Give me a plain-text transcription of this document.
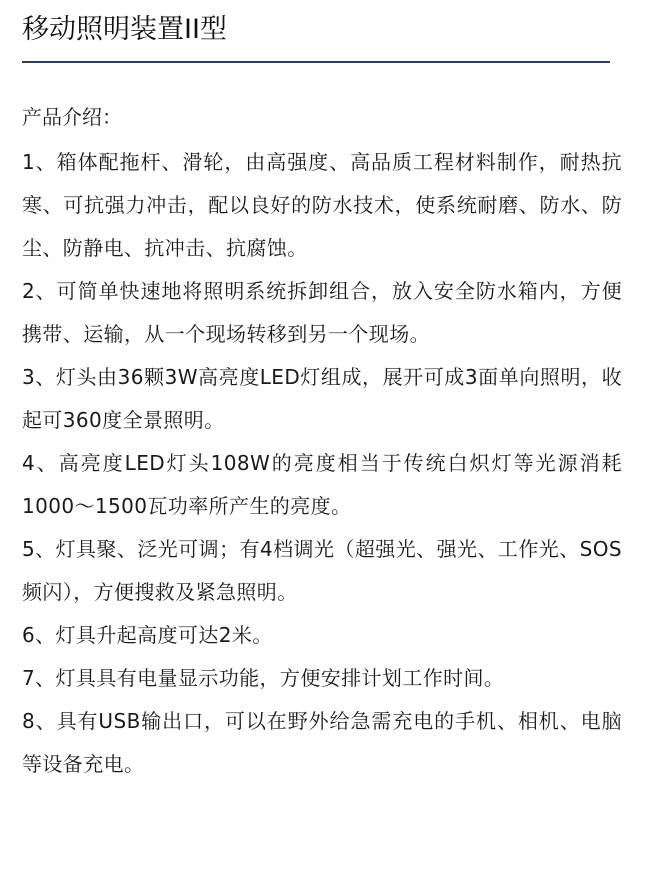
移动照明装置II型

产品介绍：

1、箱体配拖杆、滑轮，由高强度、高品质工程材料制作，耐热抗寒、可抗强力冲击，配以良好的防水技术，使系统耐磨、防水、防尘、防静电、抗冲击、抗腐蚀。

2、可简单快速地将照明系统拆卸组合，放入安全防水箱内，方便携带、运输，从一个现场转移到另一个现场。

3、灯头由36颗3W高亮度LED灯组成，展开可成3面单向照明，收起可360度全景照明。

4、高亮度LED灯头108W的亮度相当于传统白炽灯等光源消耗1000～1500瓦功率所产生的亮度。

5、灯具聚、泛光可调；有4档调光（超强光、强光、工作光、SOS频闪），方便搜救及紧急照明。

6、灯具升起高度可达2米。

7、灯具具有电量显示功能，方便安排计划工作时间。

8、具有USB输出口，可以在野外给急需充电的手机、相机、电脑等设备充电。
